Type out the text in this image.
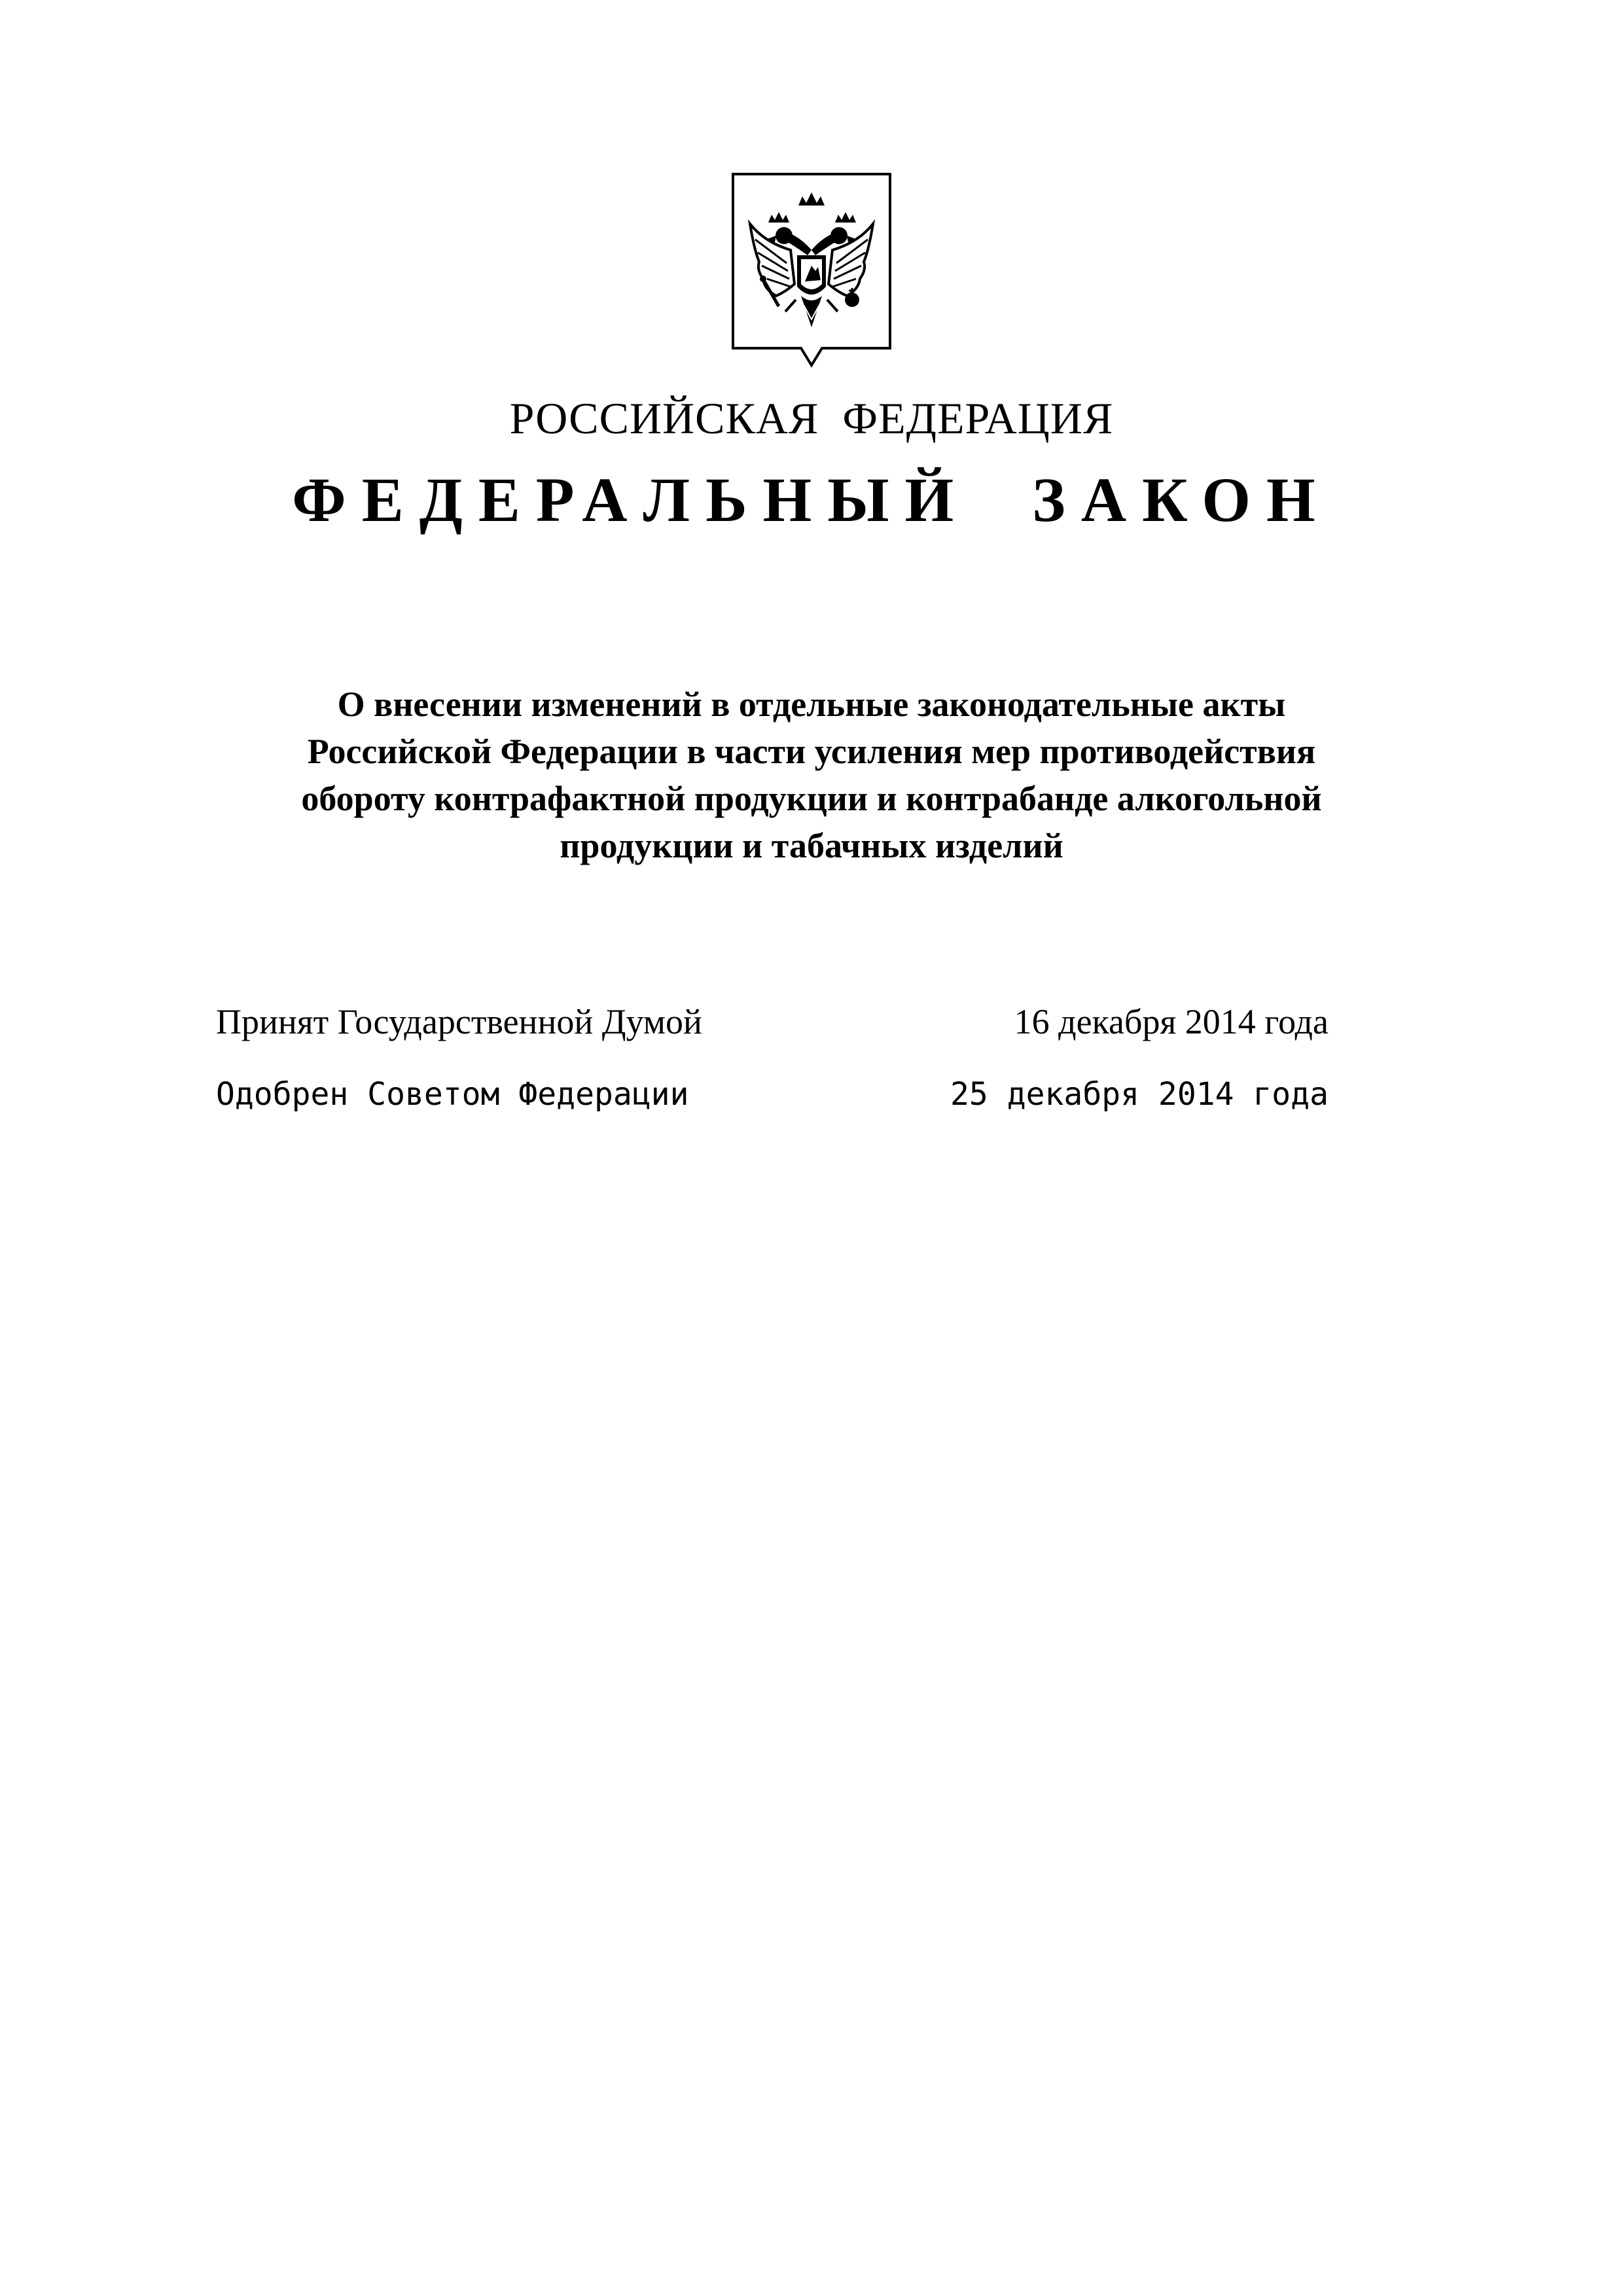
РОССИЙСКАЯ  ФЕДЕРАЦИЯ
ФЕДЕРАЛЬНЫЙ  ЗАКОН
О внесении изменений в отдельные законодательные акты
Российской Федерации в части усиления мер противодействия
обороту контрафактной продукции и контрабанде алкогольной
продукции и табачных изделий
Принят Государственной Думой	16 декабря 2014 года
Одобрен Советом Федерации	25 декабря 2014 года
